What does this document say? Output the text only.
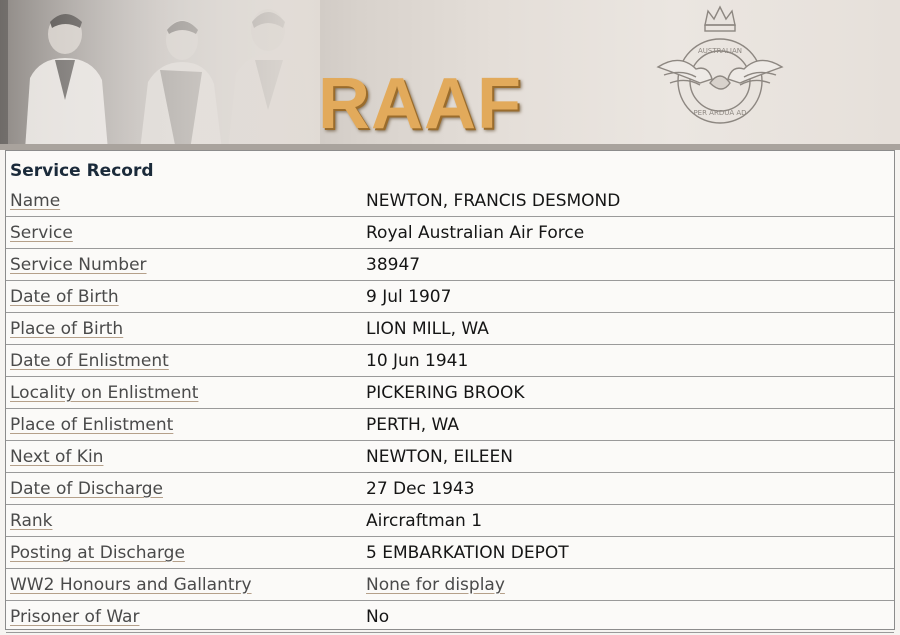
RAAF
AUSTRALIAN
PER ARDUA AD
Service Record
Name	NEWTON, FRANCIS DESMOND
Service	Royal Australian Air Force
Service Number	38947
Date of Birth	9 Jul 1907
Place of Birth	LION MILL, WA
Date of Enlistment	10 Jun 1941
Locality on Enlistment	PICKERING BROOK
Place of Enlistment	PERTH, WA
Next of Kin	NEWTON, EILEEN
Date of Discharge	27 Dec 1943
Rank	Aircraftman 1
Posting at Discharge	5 EMBARKATION DEPOT
WW2 Honours and Gallantry	None for display
Prisoner of War	No
